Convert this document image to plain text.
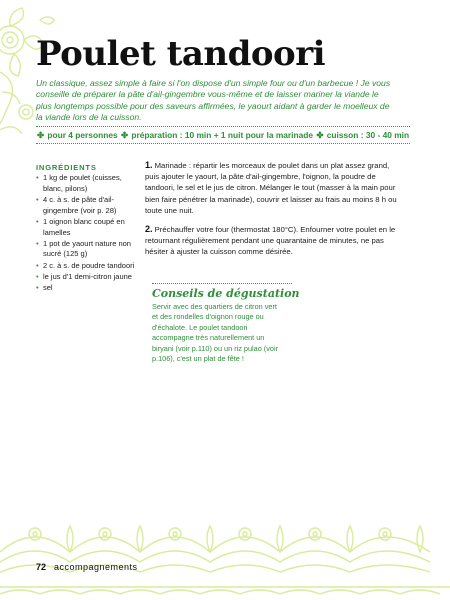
Poulet tandoori

Un classique, assez simple à faire si l'on dispose d'un simple four ou d'un barbecue ! Je vous conseille de préparer la pâte d'ail-gingembre vous-même et de laisser mariner la viande le plus longtemps possible pour des saveurs affirmées, le yaourt aidant à garder le moelleux de la viande lors de la cuisson.

✤ pour 4 personnes ✤ préparation : 10 min + 1 nuit pour la marinade ✤ cuisson : 30 - 40 min
INGRÉDIENTS
• 1 kg de poulet (cuisses, blanc, pilons)
• 4 c. à s. de pâte d'ail-gingembre (voir p. 28)
• 1 oignon blanc coupé en lamelles
• 1 pot de yaourt nature non sucré (125 g)
• 2 c. à s. de poudre tandoori
• le jus d'1 demi-citron jaune
• sel

1. Marinade : répartir les morceaux de poulet dans un plat assez grand, puis ajouter le yaourt, la pâte d'ail-gingembre, l'oignon, la poudre de tandoori, le sel et le jus de citron. Mélanger le tout (masser à la main pour bien faire pénétrer la marinade), couvrir et laisser au frais au moins 8 h ou toute une nuit.

2. Préchauffer votre four (thermostat 180°C). Enfourner votre poulet en le retournant régulièrement pendant une quarantaine de minutes, ne pas hésiter à ajuster la cuisson comme désirée.

Conseils de dégustation

Servir avec des quartiers de citron vert et des rondelles d'oignon rouge ou d'échalote. Le poulet tandoori accompagne très naturellement un biryani (voir p.110) ou un riz pulao (voir p.106), c'est un plat de fête !

72 accompagnements
